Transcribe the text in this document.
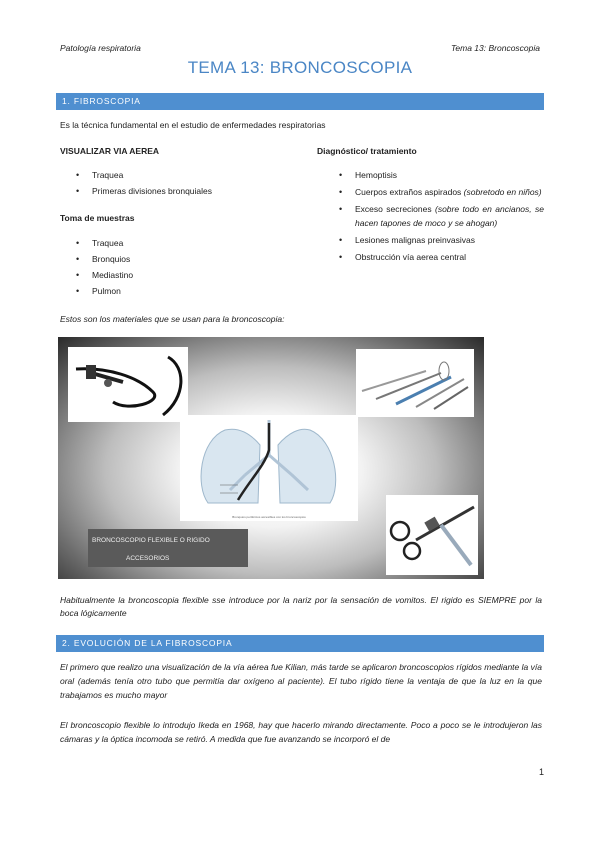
Patología respiratoria	Tema 13: Broncoscopia
TEMA 13: BRONCOSCOPIA
1. FIBROSCOPIA
Es la técnica fundamental en el estudio de enfermedades respiratorias
VISUALIZAR VIA AEREA
• Traquea
• Primeras divisiones bronquiales
Toma de muestras
• Traquea
• Bronquios
• Mediastino
• Pulmon
Diagnóstico/ tratamiento
• Hemoptisis
• Cuerpos extraños aspirados (sobretodo en niños)
• Exceso secreciones (sobre todo en ancianos, se hacen tapones de moco y se ahogan)
• Lesiones malignas preinvasivas
• Obstrucción vía aerea central
Estos son los materiales que se usan para la broncoscopia:
Bronquios periféricos accesibles con los broncoscopios
BRONCOSCOPIO FLEXIBLE O RIGIDO
ACCESORIOS
Habitualmente la broncoscopia flexible sse introduce por la nariz por la sensación de vomitos. El rigido es SIEMPRE por la boca lógicamente
2. EVOLUCIÓN DE LA FIBROSCOPIA
El primero que realizo una visualización de la vía aérea fue Kilian, más tarde se aplicaron broncoscopios rígidos mediante la vía oral (además tenía otro tubo que permitía dar oxígeno al paciente). El tubo rígido tiene la ventaja de que la luz en la que trabajamos es mucho mayor
El broncoscopio flexible lo introdujo Ikeda en 1968, hay que hacerlo mirando directamente. Poco a poco se le introdujeron las cámaras y la óptica incomoda se retiró. A medida que fue avanzando se incorporó el de
1
